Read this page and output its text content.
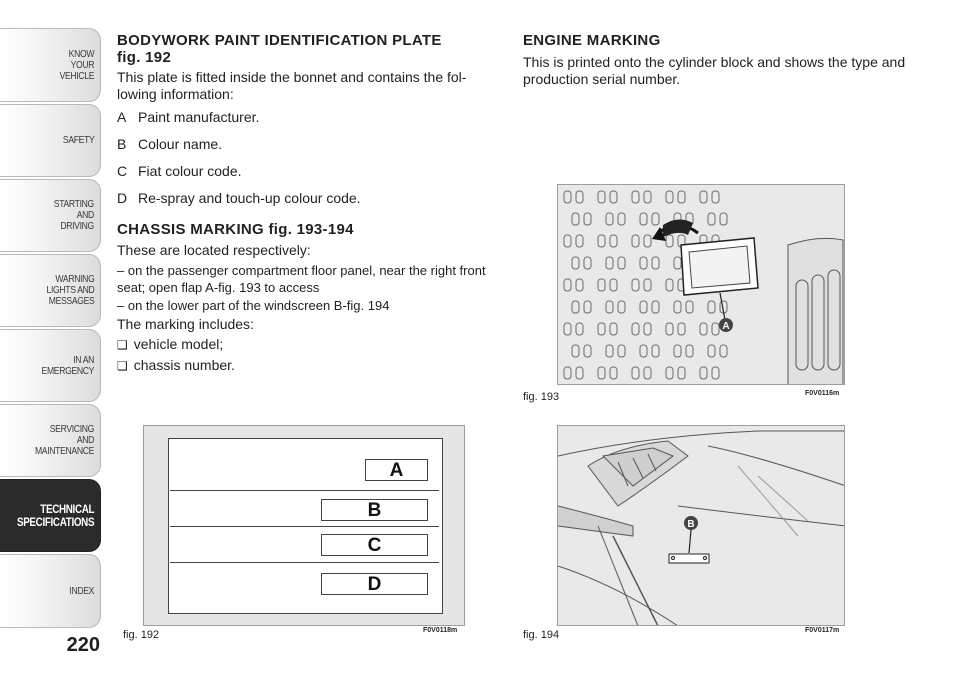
KNOW
YOUR
VEHICLE
SAFETY
STARTING
AND
DRIVING
WARNING
LIGHTS AND
MESSAGES
IN AN
EMERGENCY
SERVICING
AND
MAINTENANCE
TECHNICAL
SPECIFICATIONS
INDEX
220
BODYWORK PAINT IDENTIFICATION PLATE fig. 192

This plate is fitted inside the bonnet and contains the fol-lowing information:

A Paint manufacturer.

B Colour name.

C Fiat colour code.

D Re-spray and touch-up colour code.

CHASSIS MARKING fig. 193-194

These are located respectively:

– on the passenger compartment floor panel, near the right front seat; open flap A-fig. 193 to access

– on the lower part of the windscreen B-fig. 194

The marking includes:

❑ vehicle model;

❑ chassis number.

ENGINE MARKING

This is printed onto the cylinder block and shows the type and production serial number.

A
B
C
D
fig. 192	F0V0118m
A
fig. 193	F0V0116m
B
fig. 194	F0V0117m
